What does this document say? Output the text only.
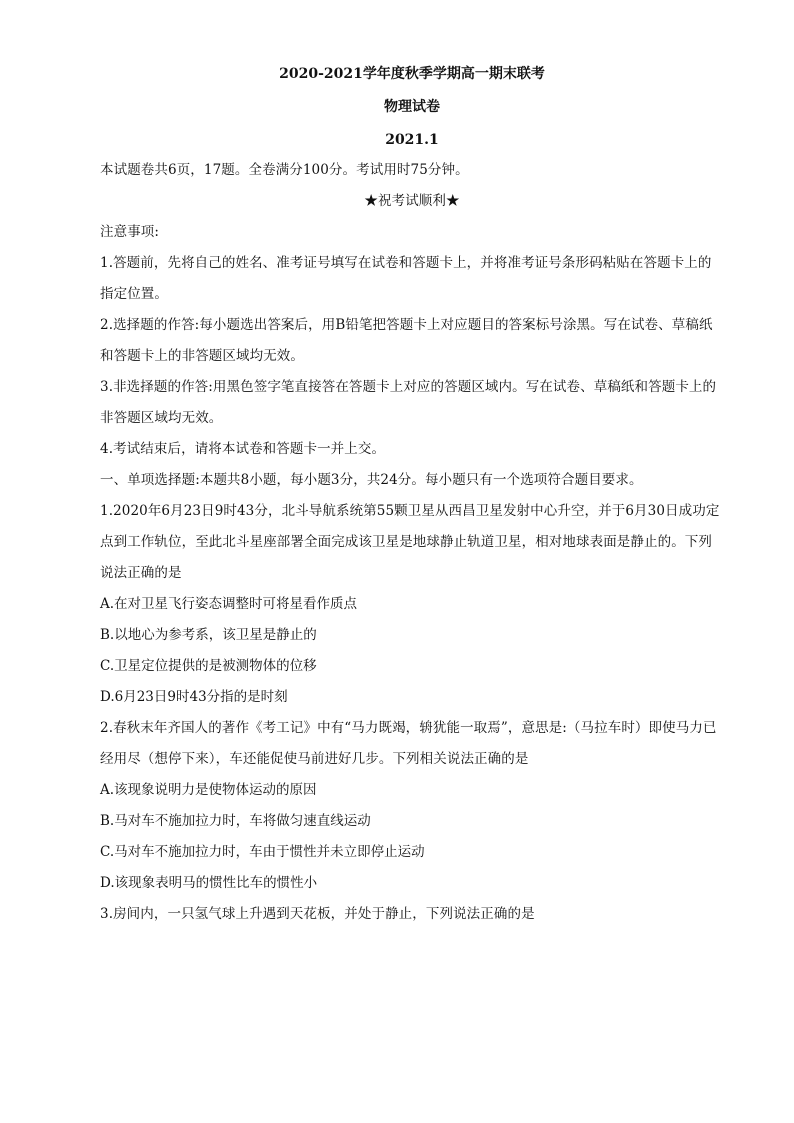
2020-2021学年度秋季学期高一期末联考

物理试卷

2021.1

本试题卷共6页，17题。全卷满分100分。考试用时75分钟。

★祝考试顺利★

注意事项:

1.答题前，先将自己的姓名、准考证号填写在试卷和答题卡上，并将准考证号条形码粘贴在答题卡上的指定位置。

2.选择题的作答:每小题选出答案后，用B铅笔把答题卡上对应题目的答案标号涂黑。写在试卷、草稿纸和答题卡上的非答题区域均无效。

3.非选择题的作答:用黑色签字笔直接答在答题卡上对应的答题区域内。写在试卷、草稿纸和答题卡上的非答题区域均无效。

4.考试结束后，请将本试卷和答题卡一并上交。

一、单项选择题:本题共8小题，每小题3分，共24分。每小题只有一个选项符合题目要求。

1.2020年6月23日9时43分，北斗导航系统第55颗卫星从西昌卫星发射中心升空，并于6月30日成功定点到工作轨位，至此北斗星座部署全面完成该卫星是地球静止轨道卫星，相对地球表面是静止的。下列说法正确的是

A.在对卫星飞行姿态调整时可将星看作质点

B.以地心为参考系，该卫星是静止的

C.卫星定位提供的是被测物体的位移

D.6月23日9时43分指的是时刻

2.春秋末年齐国人的著作《考工记》中有“马力既竭，辀犹能一取焉”，意思是:（马拉车时）即使马力已经用尽（想停下来），车还能促使马前进好几步。下列相关说法正确的是

A.该现象说明力是使物体运动的原因

B.马对车不施加拉力时，车将做匀速直线运动

C.马对车不施加拉力时，车由于惯性并未立即停止运动

D.该现象表明马的惯性比车的惯性小

3.房间内，一只氢气球上升遇到天花板，并处于静止，下列说法正确的是
